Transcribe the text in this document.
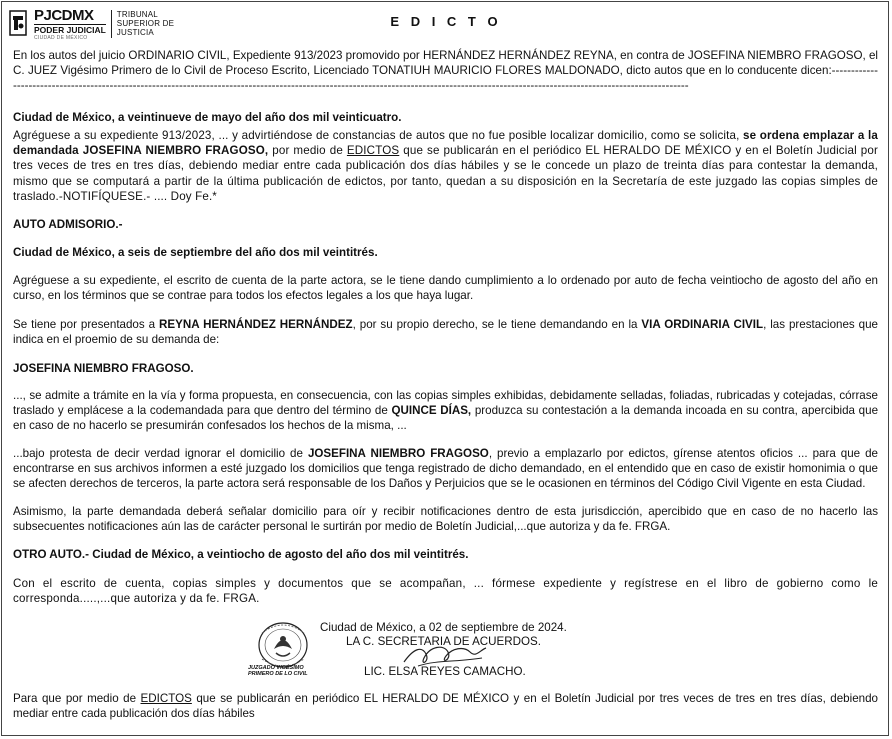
PJCDMX
PODER JUDICIAL
CIUDAD DE MÉXICO
TRIBUNAL
SUPERIOR DE
JUSTICIA
E D I C T O
En los autos del juicio ORDINARIO CIVIL, Expediente 913/2023 promovido por HERNÁNDEZ HERNÁNDEZ REYNA, en contra de JOSEFINA NIEMBRO FRAGOSO, el C. JUEZ Vigésimo Primero de lo Civil de Proceso Escrito, Licenciado TONATIUH MAURICIO FLORES MALDONADO, dicto autos que en lo conducente dicen:-------------------------------------------------------------------------------------------------------------------------------------------------------------------------------------------
Ciudad de México, a veintinueve de mayo del año dos mil veinticuatro.
Agréguese a su expediente 913/2023, ... y advirtiéndose de constancias de autos que no fue posible localizar domicilio, como se solicita, se ordena emplazar a la demandada JOSEFINA NIEMBRO FRAGOSO, por medio de EDICTOS que se publicarán en el periódico EL HERALDO DE MÉXICO y en el Boletín Judicial por tres veces de tres en tres días, debiendo mediar entre cada publicación dos días hábiles y se le concede un plazo de treinta días para contestar la demanda, mismo que se computará a partir de la última publicación de edictos, por tanto, quedan a su disposición en la Secretaría de este juzgado las copias simples de traslado.-NOTIFÍQUESE.- .... Doy Fe.*
AUTO ADMISORIO.-
Ciudad de México, a seis de septiembre del año dos mil veintitrés.
Agréguese a su expediente, el escrito de cuenta de la parte actora, se le tiene dando cumplimiento a lo ordenado por auto de fecha veintiocho de agosto del año en curso, en los términos que se contrae para todos los efectos legales a los que haya lugar.
Se tiene por presentados a REYNA HERNÁNDEZ HERNÁNDEZ, por su propio derecho, se le tiene demandando en la VIA ORDINARIA CIVIL, las prestaciones que indica en el proemio de su demanda de:
JOSEFINA NIEMBRO FRAGOSO.
..., se admite a trámite en la vía y forma propuesta, en consecuencia, con las copias simples exhibidas, debidamente selladas, foliadas, rubricadas y cotejadas, córrase traslado y emplácese a la codemandada para que dentro del término de QUINCE DÍAS, produzca su contestación a la demanda incoada en su contra, apercibida que en caso de no hacerlo se presumirán confesados los hechos de la misma, ...
...bajo protesta de decir verdad ignorar el domicilio de JOSEFINA NIEMBRO FRAGOSO, previo a emplazarlo por edictos, gírense atentos oficios ... para que de encontrarse en sus archivos informen a esté juzgado los domicilios que tenga registrado de dicho demandado, en el entendido que en caso de existir homonimia o que se afecten derechos de terceros, la parte actora será responsable de los Daños y Perjuicios que se le ocasionen en términos del Código Civil Vigente en esta Ciudad.
Asimismo, la parte demandada deberá señalar domicilio para oír y recibir notificaciones dentro de esta jurisdicción, apercibido que en caso de no hacerlo las subsecuentes notificaciones aún las de carácter personal le surtirán por medio de Boletín Judicial,...que autoriza y da fe. FRGA.
OTRO AUTO.- Ciudad de México, a veintiocho de agosto del año dos mil veintitrés.
Con el escrito de cuenta, copias simples y documentos que se acompañan, ... fórmese expediente y regístrese en el libro de gobierno como le corresponda.....,...que autoriza y da fe. FRGA.
JUZGADO VIGÉSIMO PRIMERO DE LO CIVIL
Ciudad de México, a 02 de septiembre de 2024.
LA C. SECRETARIA DE ACUERDOS.
LIC. ELSA REYES CAMACHO.
Para que por medio de EDICTOS que se publicarán en periódico EL HERALDO DE MÉXICO y en el Boletín Judicial por tres veces de tres en tres días, debiendo mediar entre cada publicación dos días hábiles
